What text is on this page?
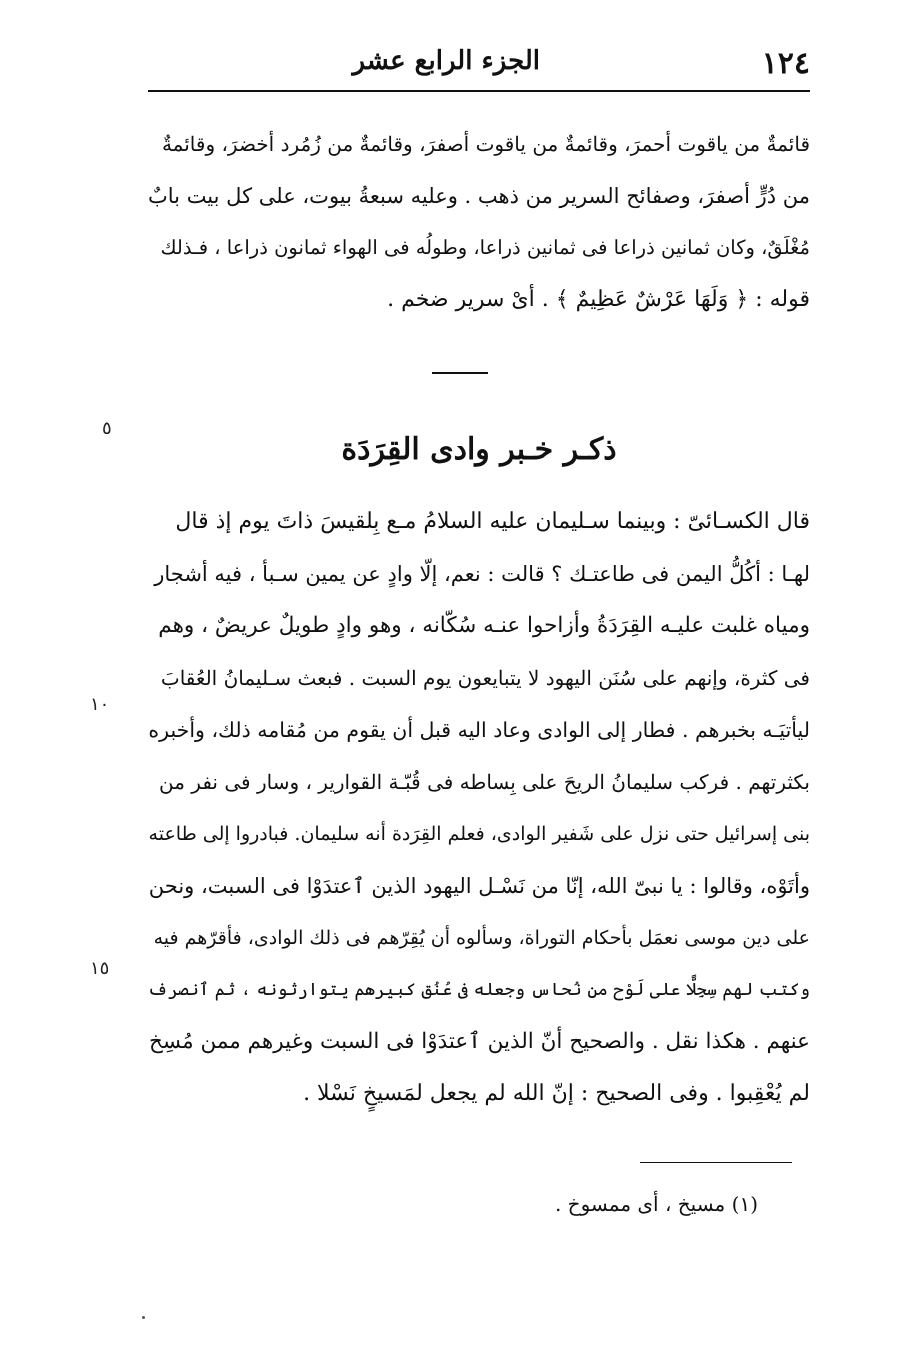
١٢٤
الجزء الرابع عشر
قائمةٌ من ياقوت أحمرَ، وقائمةٌ من ياقوت أصفرَ، وقائمةٌ من زُمُرد أخضرَ، وقائمةٌ
من دُرٍّ أصفرَ، وصفائح السرير من ذهب . وعليه سبعةُ بيوت، على كل بيت بابٌ
مُغْلَقٌ، وكان ثمانين ذراعا فى ثمانين ذراعا، وطولُه فى الهواء ثمانون ذراعا ، فـذلك
قوله : ﴿ وَلَهَا عَرْشٌ عَظِيمٌ ﴾ . أىْ سرير ضخم .
٥
ذكـر خـبر وادى القِرَدَة
قال الكسـائىّ : وبينما سـليمان عليه السلامُ مـع بِلقيسَ ذاتَ يوم إذ قال
لهـا : أكُلُّ اليمن فى طاعتـك ؟ قالت : نعم، إلّا وادٍ عن يمين سـبأ ، فيه أشجار
ومياه غلبت عليـه القِرَدَةُ وأزاحوا عنـه سُكّانه ، وهو وادٍ طويلٌ عريضٌ ، وهم
فى كثرة، وإنهم على سُنَن اليهود لا يتبايعون يوم السبت . فبعث سـليمانُ العُقابَ
ليأتيَـه بخبرهم . فطار إلى الوادى وعاد اليه قبل أن يقوم من مُقامه ذلك، وأخبره
بكثرتهم . فركب سليمانُ الريحَ على بِساطه فى قُبّـة القوارير ، وسار فى نفر من
بنى إسرائيل حتى نزل على شَفير الوادى، فعلم القِرَدة أنه سليمان. فبادروا إلى طاعته
وأتَوْه، وقالوا : يا نبىّ الله، إنّا من نَسْـل اليهود الذين ٱعتدَوْا فى السبت، ونحن
على دين موسى نعمَل بأحكام التوراة، وسألوه أن يُقِرّهم فى ذلك الوادى، فأقرّهم فيه
وكتب لهم سِجِلًّا على لَوْح من نُحاس وجعله فى عُنُق كبيرهم يتوارثونه ، ثم ٱنصرف
عنهم . هكذا نقل . والصحيح أنّ الذين ٱعتدَوْا فى السبت وغيرهم ممن مُسِخ
لم يُعْقِبوا . وفى الصحيح : إنّ الله لم يجعل لمَسيخٍ نَسْلا .
١٠
١٥
(١) مسيخ ، أى ممسوخ .
